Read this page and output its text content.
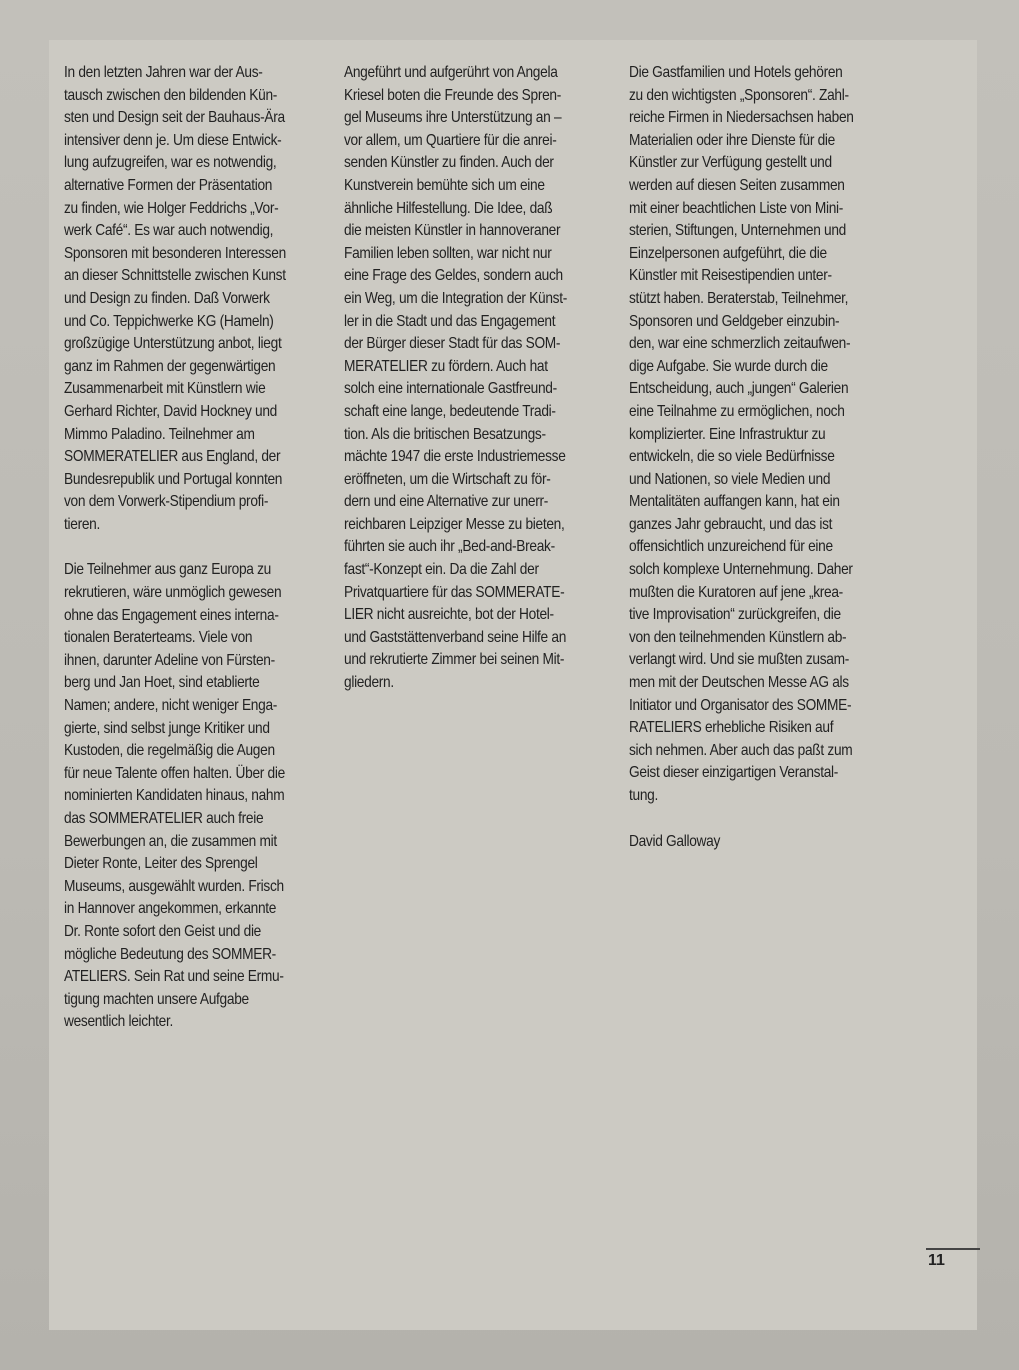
In den letzten Jahren war der Aus-
tausch zwischen den bildenden Kün-
sten und Design seit der Bauhaus-Ära
intensiver denn je. Um diese Entwick-
lung aufzugreifen, war es notwendig,
alternative Formen der Präsentation
zu finden, wie Holger Feddrichs „Vor-
werk Café“. Es war auch notwendig,
Sponsoren mit besonderen Interessen
an dieser Schnittstelle zwischen Kunst
und Design zu finden. Daß Vorwerk
und Co. Teppichwerke KG (Hameln)
großzügige Unterstützung anbot, liegt
ganz im Rahmen der gegenwärtigen
Zusammenarbeit mit Künstlern wie
Gerhard Richter, David Hockney und
Mimmo Paladino. Teilnehmer am
SOMMERATELIER aus England, der
Bundesrepublik und Portugal konnten
von dem Vorwerk-Stipendium profi-
tieren.

Die Teilnehmer aus ganz Europa zu
rekrutieren, wäre unmöglich gewesen
ohne das Engagement eines interna-
tionalen Beraterteams. Viele von
ihnen, darunter Adeline von Fürsten-
berg und Jan Hoet, sind etablierte
Namen; andere, nicht weniger Enga-
gierte, sind selbst junge Kritiker und
Kustoden, die regelmäßig die Augen
für neue Talente offen halten. Über die
nominierten Kandidaten hinaus, nahm
das SOMMERATELIER auch freie
Bewerbungen an, die zusammen mit
Dieter Ronte, Leiter des Sprengel
Museums, ausgewählt wurden. Frisch
in Hannover angekommen, erkannte
Dr. Ronte sofort den Geist und die
mögliche Bedeutung des SOMMER-
ATELIERS. Sein Rat und seine Ermu-
tigung machten unsere Aufgabe
wesentlich leichter.

Angeführt und aufgerührt von Angela
Kriesel boten die Freunde des Spren-
gel Museums ihre Unterstützung an –
vor allem, um Quartiere für die anrei-
senden Künstler zu finden. Auch der
Kunstverein bemühte sich um eine
ähnliche Hilfestellung. Die Idee, daß
die meisten Künstler in hannoveraner
Familien leben sollten, war nicht nur
eine Frage des Geldes, sondern auch
ein Weg, um die Integration der Künst-
ler in die Stadt und das Engagement
der Bürger dieser Stadt für das SOM-
MERATELIER zu fördern. Auch hat
solch eine internationale Gastfreund-
schaft eine lange, bedeutende Tradi-
tion. Als die britischen Besatzungs-
mächte 1947 die erste Industriemesse
eröffneten, um die Wirtschaft zu för-
dern und eine Alternative zur unerr-
reichbaren Leipziger Messe zu bieten,
führten sie auch ihr „Bed-and-Break-
fast“-Konzept ein. Da die Zahl der
Privatquartiere für das SOMMERATE-
LIER nicht ausreichte, bot der Hotel-
und Gaststättenverband seine Hilfe an
und rekrutierte Zimmer bei seinen Mit-
gliedern.

Die Gastfamilien und Hotels gehören
zu den wichtigsten „Sponsoren“. Zahl-
reiche Firmen in Niedersachsen haben
Materialien oder ihre Dienste für die
Künstler zur Verfügung gestellt und
werden auf diesen Seiten zusammen
mit einer beachtlichen Liste von Mini-
sterien, Stiftungen, Unternehmen und
Einzelpersonen aufgeführt, die die
Künstler mit Reisestipendien unter-
stützt haben. Beraterstab, Teilnehmer,
Sponsoren und Geldgeber einzubin-
den, war eine schmerzlich zeitaufwen-
dige Aufgabe. Sie wurde durch die
Entscheidung, auch „jungen“ Galerien
eine Teilnahme zu ermöglichen, noch
komplizierter. Eine Infrastruktur zu
entwickeln, die so viele Bedürfnisse
und Nationen, so viele Medien und
Mentalitäten auffangen kann, hat ein
ganzes Jahr gebraucht, und das ist
offensichtlich unzureichend für eine
solch komplexe Unternehmung. Daher
mußten die Kuratoren auf jene „krea-
tive Improvisation“ zurückgreifen, die
von den teilnehmenden Künstlern ab-
verlangt wird. Und sie mußten zusam-
men mit der Deutschen Messe AG als
Initiator und Organisator des SOMME-
RATELIERS erhebliche Risiken auf
sich nehmen. Aber auch das paßt zum
Geist dieser einzigartigen Veranstal-
tung.

David Galloway

11
